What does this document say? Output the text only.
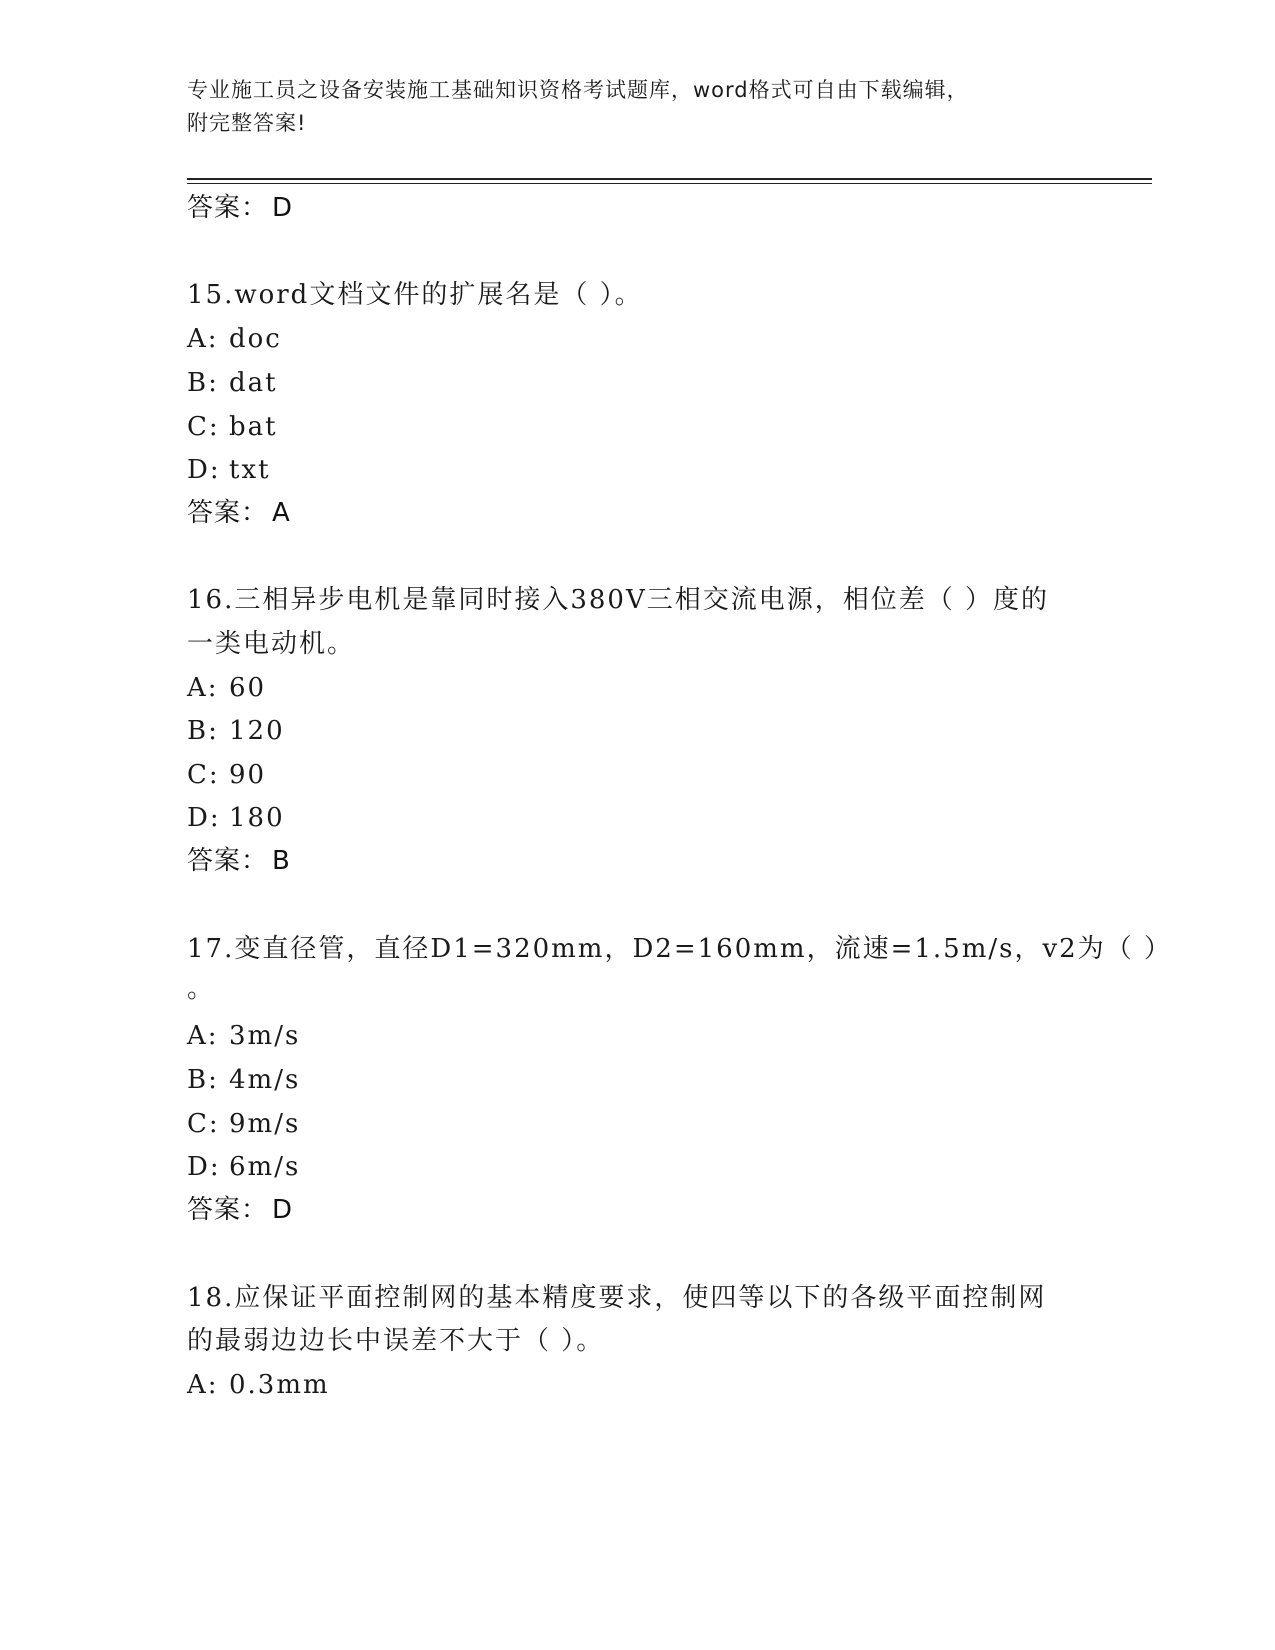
专业施工员之设备安装施工基础知识资格考试题库，word格式可自由下载编辑，
附完整答案!
答案： D
15.word文档文件的扩展名是（ ）。
A: doc
B: dat
C: bat
D: txt
答案： A
16.三相异步电机是靠同时接入380V三相交流电源，相位差（ ）度的
一类电动机。
A: 60
B: 120
C: 90
D: 180
答案： B
17.变直径管，直径D1=320mm，D2=160mm，流速=1.5m/s，v2为（ ）
。
A: 3m/s
B: 4m/s
C: 9m/s
D: 6m/s
答案： D
18.应保证平面控制网的基本精度要求，使四等以下的各级平面控制网
的最弱边边长中误差不大于（ ）。
A: 0.3mm
